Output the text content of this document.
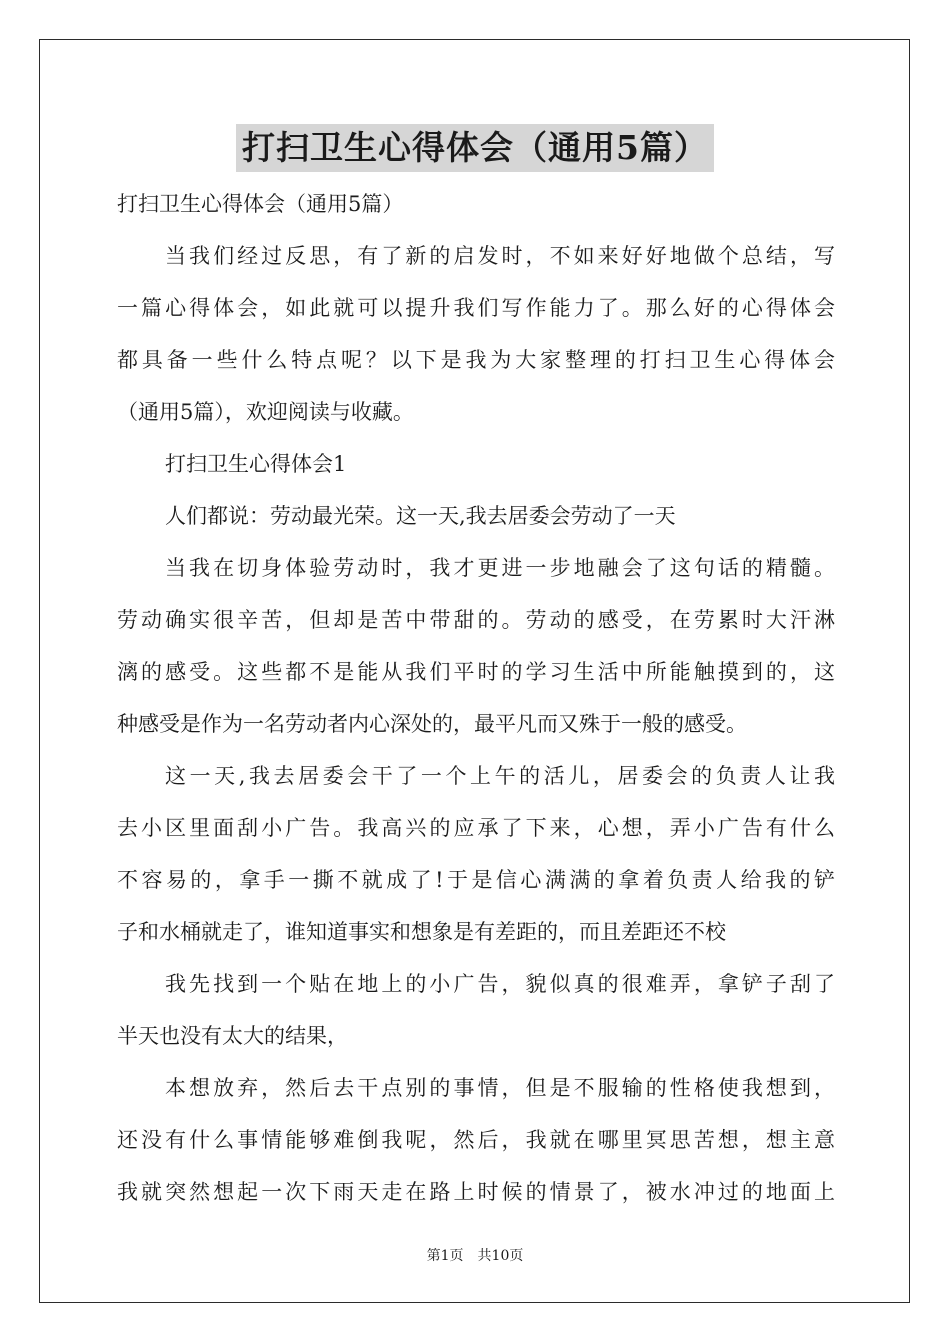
打扫卫生心得体会（通用5篇）
打扫卫生心得体会（通用5篇）
当我们经过反思，有了新的启发时，不如来好好地做个总结，写
一篇心得体会，如此就可以提升我们写作能力了。那么好的心得体会
都具备一些什么特点呢？以下是我为大家整理的打扫卫生心得体会
（通用5篇），欢迎阅读与收藏。
打扫卫生心得体会1
人们都说：劳动最光荣。这一天,我去居委会劳动了一天
当我在切身体验劳动时，我才更进一步地融会了这句话的精髓。
劳动确实很辛苦，但却是苦中带甜的。劳动的感受，在劳累时大汗淋
漓的感受。这些都不是能从我们平时的学习生活中所能触摸到的，这
种感受是作为一名劳动者内心深处的，最平凡而又殊于一般的感受。
这一天,我去居委会干了一个上午的活儿，居委会的负责人让我
去小区里面刮小广告。我高兴的应承了下来，心想，弄小广告有什么
不容易的，拿手一撕不就成了!于是信心满满的拿着负责人给我的铲
子和水桶就走了，谁知道事实和想象是有差距的，而且差距还不校
我先找到一个贴在地上的小广告，貌似真的很难弄，拿铲子刮了
半天也没有太大的结果，
本想放弃，然后去干点别的事情，但是不服输的性格使我想到，
还没有什么事情能够难倒我呢，然后，我就在哪里冥思苦想，想主意
我就突然想起一次下雨天走在路上时候的情景了，被水冲过的地面上
第1页 共10页
